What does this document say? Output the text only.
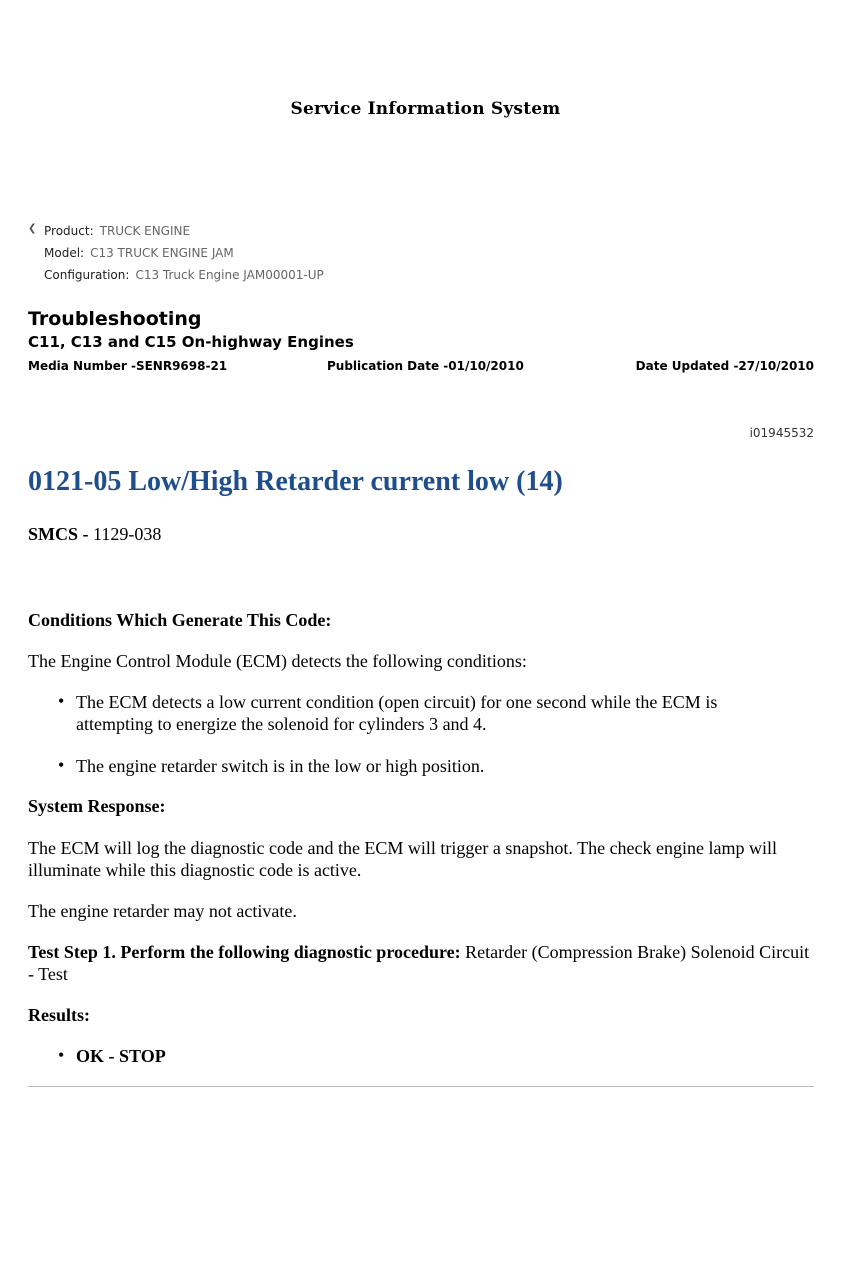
Service Information System
❮ Product: TRUCK ENGINE
Model: C13 TRUCK ENGINE JAM
Configuration: C13 Truck Engine JAM00001-UP
Troubleshooting
C11, C13 and C15 On-highway Engines
Media Number -SENR9698-21	Publication Date -01/10/2010	Date Updated -27/10/2010
i01945532
0121-05 Low/High Retarder current low (14)
SMCS - 1129-038
Conditions Which Generate This Code:
The Engine Control Module (ECM) detects the following conditions:
• The ECM detects a low current condition (open circuit) for one second while the ECM is attempting to energize the solenoid for cylinders 3 and 4.
• The engine retarder switch is in the low or high position.
System Response:
The ECM will log the diagnostic code and the ECM will trigger a snapshot. The check engine lamp will illuminate while this diagnostic code is active.
The engine retarder may not activate.
Test Step 1. Perform the following diagnostic procedure: Retarder (Compression Brake) Solenoid Circuit - Test
Results:
• OK - STOP
